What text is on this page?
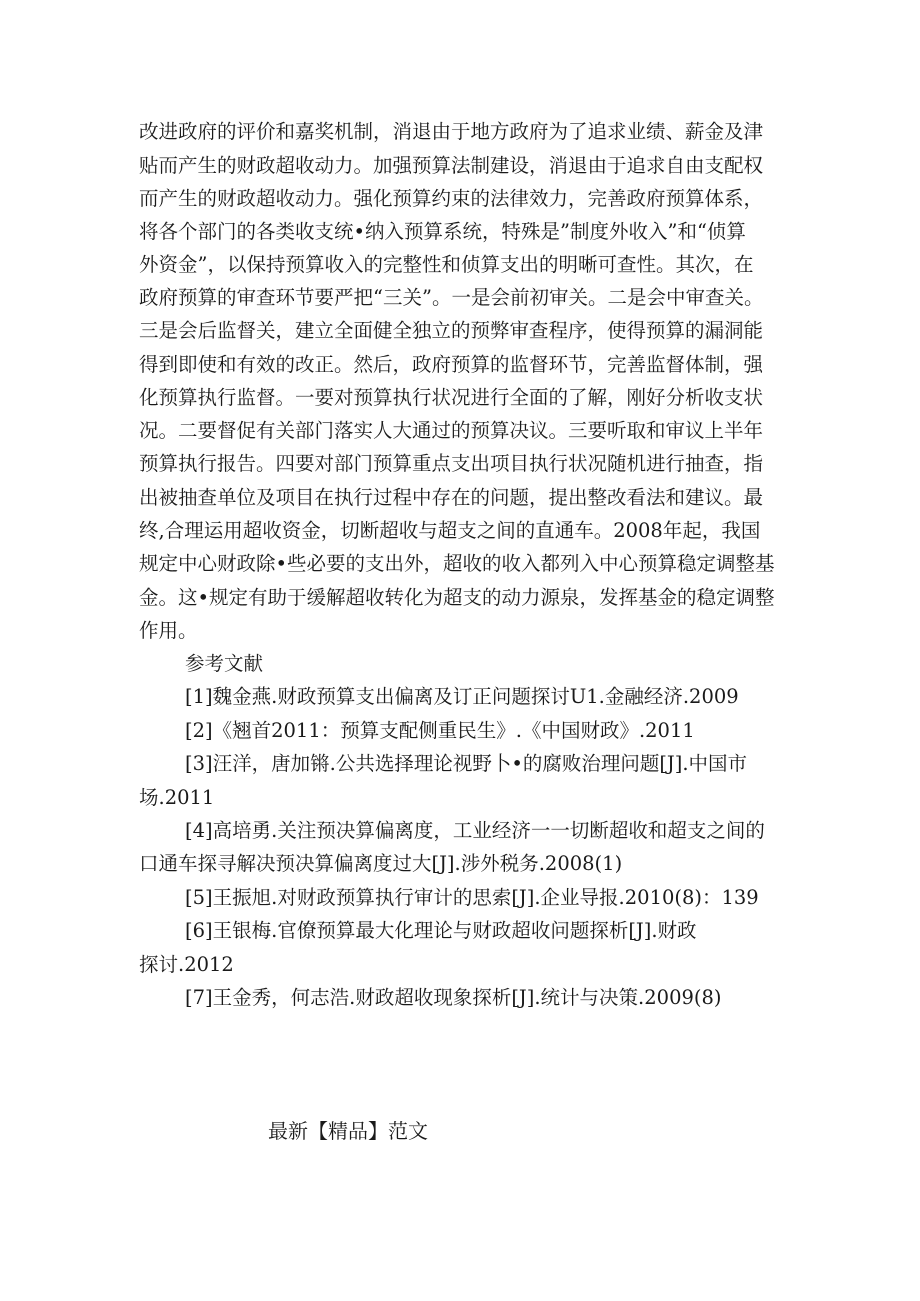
改进政府的评价和嘉奖机制，消退由于地方政府为了追求业绩、薪金及津
贴而产生的财政超收动力。加强预算法制建设，消退由于追求自由支配权
而产生的财政超收动力。强化预算约束的法律效力，完善政府预算体系，
将各个部门的各类收支统•纳入预算系统，特殊是”制度外收入”和“侦算
外资金”，以保持预算收入的完整性和侦算支出的明晰可查性。其次，在
政府预算的审查环节要严把“三关”。一是会前初审关。二是会中审查关。
三是会后监督关，建立全面健全独立的预弊审查程序，使得预算的漏洞能
得到即使和有效的改正。然后，政府预算的监督环节，完善监督体制，强
化预算执行监督。一要对预算执行状况进行全面的了解，刚好分析收支状
况。二要督促有关部门落实人大通过的预算决议。三要听取和审议上半年
预算执行报告。四要对部门预算重点支出项目执行状况随机进行抽查，指
出被抽查单位及项目在执行过程中存在的问题，提出整改看法和建议。最
终,合理运用超收资金，切断超收与超支之间的直通车。2008年起，我国
规定中心财政除•些必要的支出外，超收的收入都列入中心预算稳定调整基
金。这•规定有助于缓解超收转化为超支的动力源泉，发挥基金的稳定调整
作用。
参考文献
[1]魏金燕.财政预算支出偏离及订正问题探讨U1.金融经济.2009
[2]《翘首2011：预算支配侧重民生》.《中国财政》.2011
[3]汪洋，唐加锵.公共选择理论视野卜•的腐败治理问题[J].中国市
场.2011
[4]高培勇.关注预决算偏离度，工业经济一一切断超收和超支之间的
口通车探寻解决预决算偏离度过大[J].涉外税务.2008(1)
[5]王振旭.对财政预算执行审计的思索[J].企业导报.2010(8)：139
[6]王银梅.官僚预算最大化理论与财政超收问题探析[J].财政
探讨.2012
[7]王金秀，何志浩.财政超收现象探析[J].统计与决策.2009(8)
最新【精品】范文
